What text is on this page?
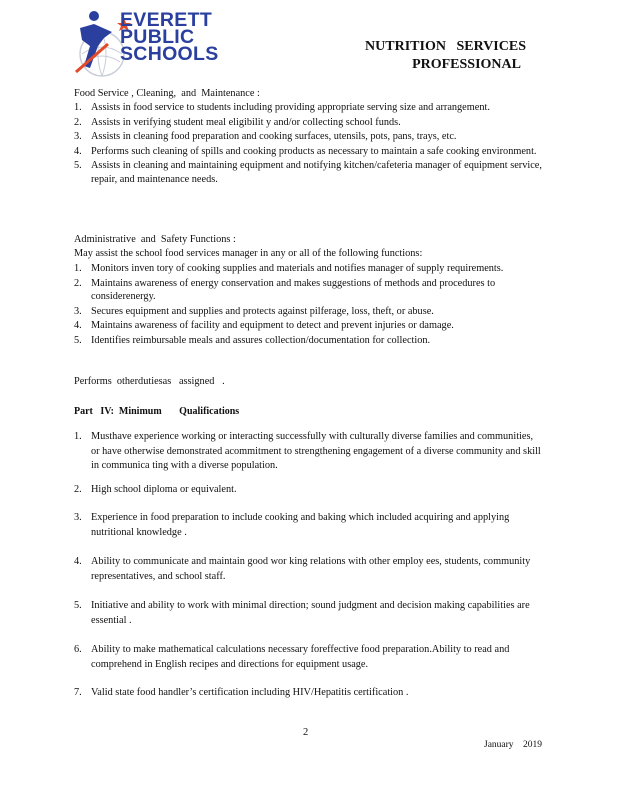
EVERETT
PUBLIC
SCHOOLS	NUTRITION   SERVICES
PROFESSIONAL
Food Service , Cleaning,  and  Maintenance :
1. Assists in food service to students including providing appropriate serving size and arrangement.
2. Assists in verifying student meal eligibilit y and/or collecting school funds.
3. Assists in cleaning food preparation and cooking surfaces, utensils, pots, pans, trays, etc.
4. Performs such cleaning of spills and cooking products as necessary to maintain a safe cooking environment.
5. Assists in cleaning and maintaining equipment and notifying kitchen/cafeteria manager of equipment service, repair, and maintenance needs.
Administrative  and  Safety Functions :
May assist the school food services manager in any or all of the following functions:
1. Monitors inven tory of cooking supplies and materials and notifies manager of supply requirements.
2. Maintains awareness of energy conservation and makes suggestions of methods and procedures to considerenergy.
3. Secures equipment and supplies and protects against pilferage, loss, theft, or abuse.
4. Maintains awareness of facility and equipment to detect and prevent injuries or damage.
5. Identifies reimbursable meals and assures collection/documentation for collection.
Performs  otherdutiesas   assigned   .
Part   IV:  Minimum       Qualifications
1. Musthave experience working or interacting successfully with culturally diverse families and communities, or have otherwise demonstrated acommitment to strengthening engagement of a diverse community and skill in communica ting with a diverse population.
2. High school diploma or equivalent.
3. Experience in food preparation to include cooking and baking which included acquiring and applying nutritional knowledge .
4. Ability to communicate and maintain good wor king relations with other employ ees, students, community representatives, and school staff.
5. Initiative and ability to work with minimal direction; sound judgment and decision making capabilities are essential .
6. Ability to make mathematical calculations necessary foreffective food preparation.Ability to read and comprehend in English recipes and directions for equipment usage.
7. Valid state food handler’s certification including HIV/Hepatitis certification .
2
January    2019
